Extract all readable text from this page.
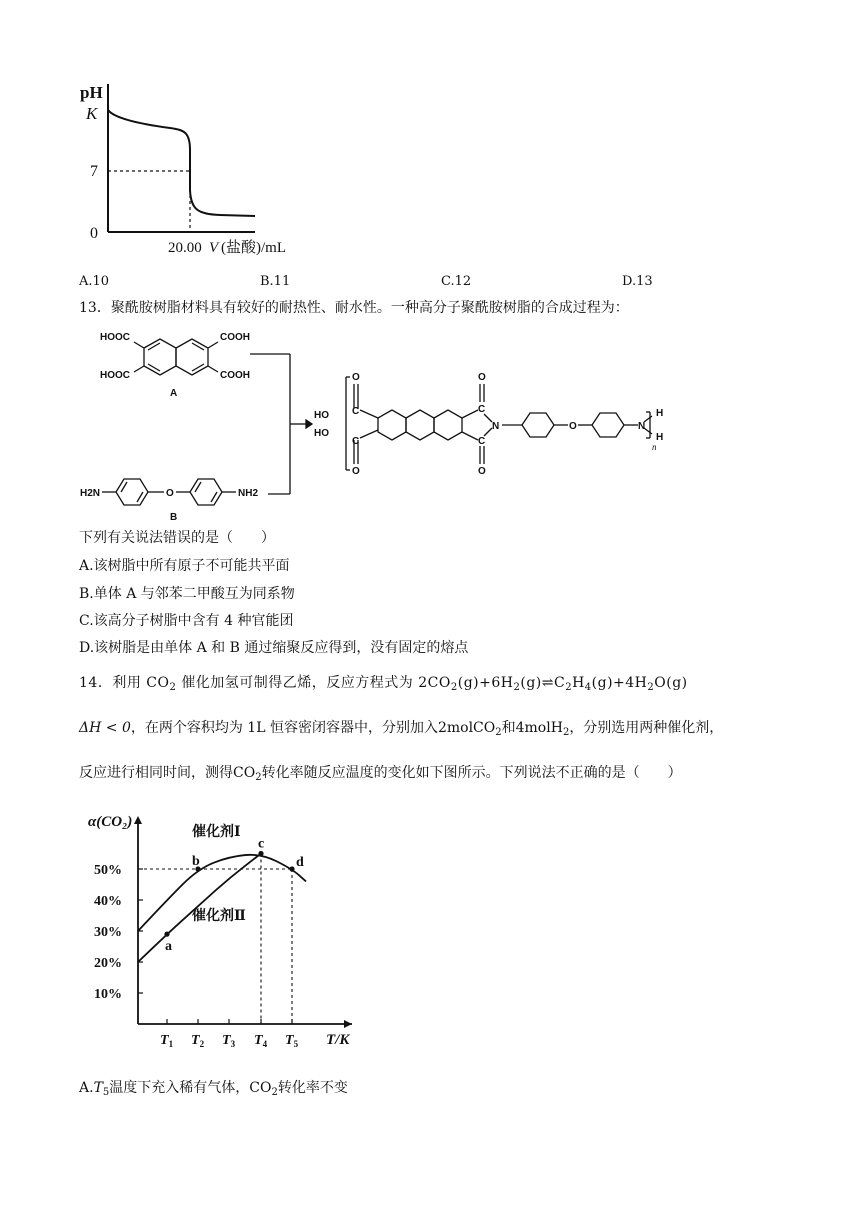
pH
K
7
0
20.00 V (盐酸)/mL
A.10	B.11	C.12	D.13
13．聚酰胺树脂材料具有较好的耐热性、耐水性。一种高分子聚酰胺树脂的合成过程为：
HOOC
HOOC
COOH
COOH
A
H2N	O	NH2
B
O
C
HO
HO
C
O
O
C
N
C
O
O	N
H
H
n
下列有关说法错误的是（　　）
A.该树脂中所有原子不可能共平面
B.单体 A 与邻苯二甲酸互为同系物
C.该高分子树脂中含有 4 种官能团
D.该树脂是由单体 A 和 B 通过缩聚反应得到，没有固定的熔点
14．利用 $CO_2$ 催化加氢可制得乙烯，反应方程式为 $2CO_2(g)+6H_2(g)\rightleftharpoons C_2H_4(g)+4H_2O(g)$
ΔH < 0，在两个容积均为 1L 恒容密闭容器中，分别加入2molCO$_2$和4molH$_2$，分别选用两种催化剂，
反应进行相同时间，测得$CO_2$转化率随反应温度的变化如下图所示。下列说法不正确的是（　　）
α(CO₂)
T/K
50%
40%
30%
20%
10%
$T_1$ $T_2$ $T_3$ $T_4$ $T_5$
催化剂Ⅰ
催化剂Ⅱ
a
b
c
d
$A.T_5$温度下充入稀有气体，$CO_2$转化率不变
